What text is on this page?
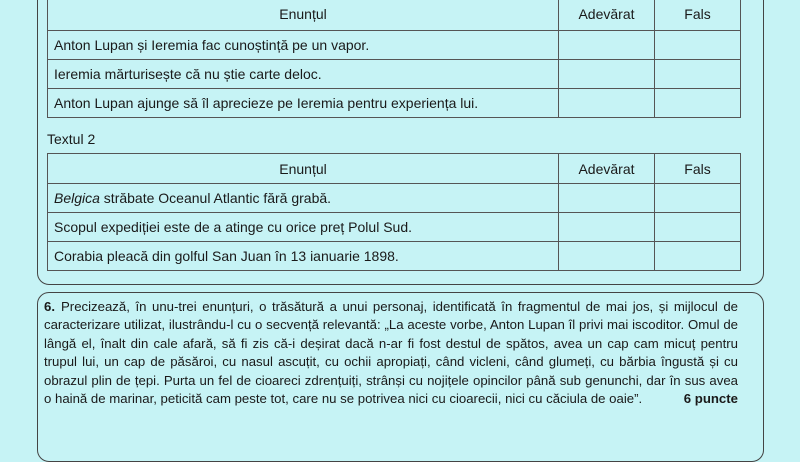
Enunțul	Adevărat	Fals
Anton Lupan și Ieremia fac cunoștință pe un vapor.		
Ieremia mărturisește că nu știe carte deloc.		
Anton Lupan ajunge să îl aprecieze pe Ieremia pentru experiența lui.		
Textul 2
Enunțul	Adevărat	Fals
Belgica străbate Oceanul Atlantic fără grabă.		
Scopul expediției este de a atinge cu orice preț Polul Sud.		
Corabia pleacă din golful San Juan în 13 ianuarie 1898.		
6. Precizează, în unu-trei enunțuri, o trăsătură a unui personaj, identificată în fragmentul de mai jos, și mijlocul de caracterizare utilizat, ilustrându-l cu o secvență relevantă: „La aceste vorbe, Anton Lupan îl privi mai iscoditor. Omul de lângă el, înalt din cale afară, să fi zis că-i deșirat dacă n-ar fi fost destul de spătos, avea un cap cam micuț pentru trupul lui, un cap de păsăroi, cu nasul ascuțit, cu ochii apropiați, când vicleni, când glumeți, cu bărbia îngustă și cu obrazul plin de țepi. Purta un fel de cioareci zdrențuiți, strânși cu nojițele opincilor până sub genunchi, dar în sus avea o haină de marinar, peticită cam peste tot, care nu se potrivea nici cu cioarecii, nici cu căciula de oaie”.	6 puncte
